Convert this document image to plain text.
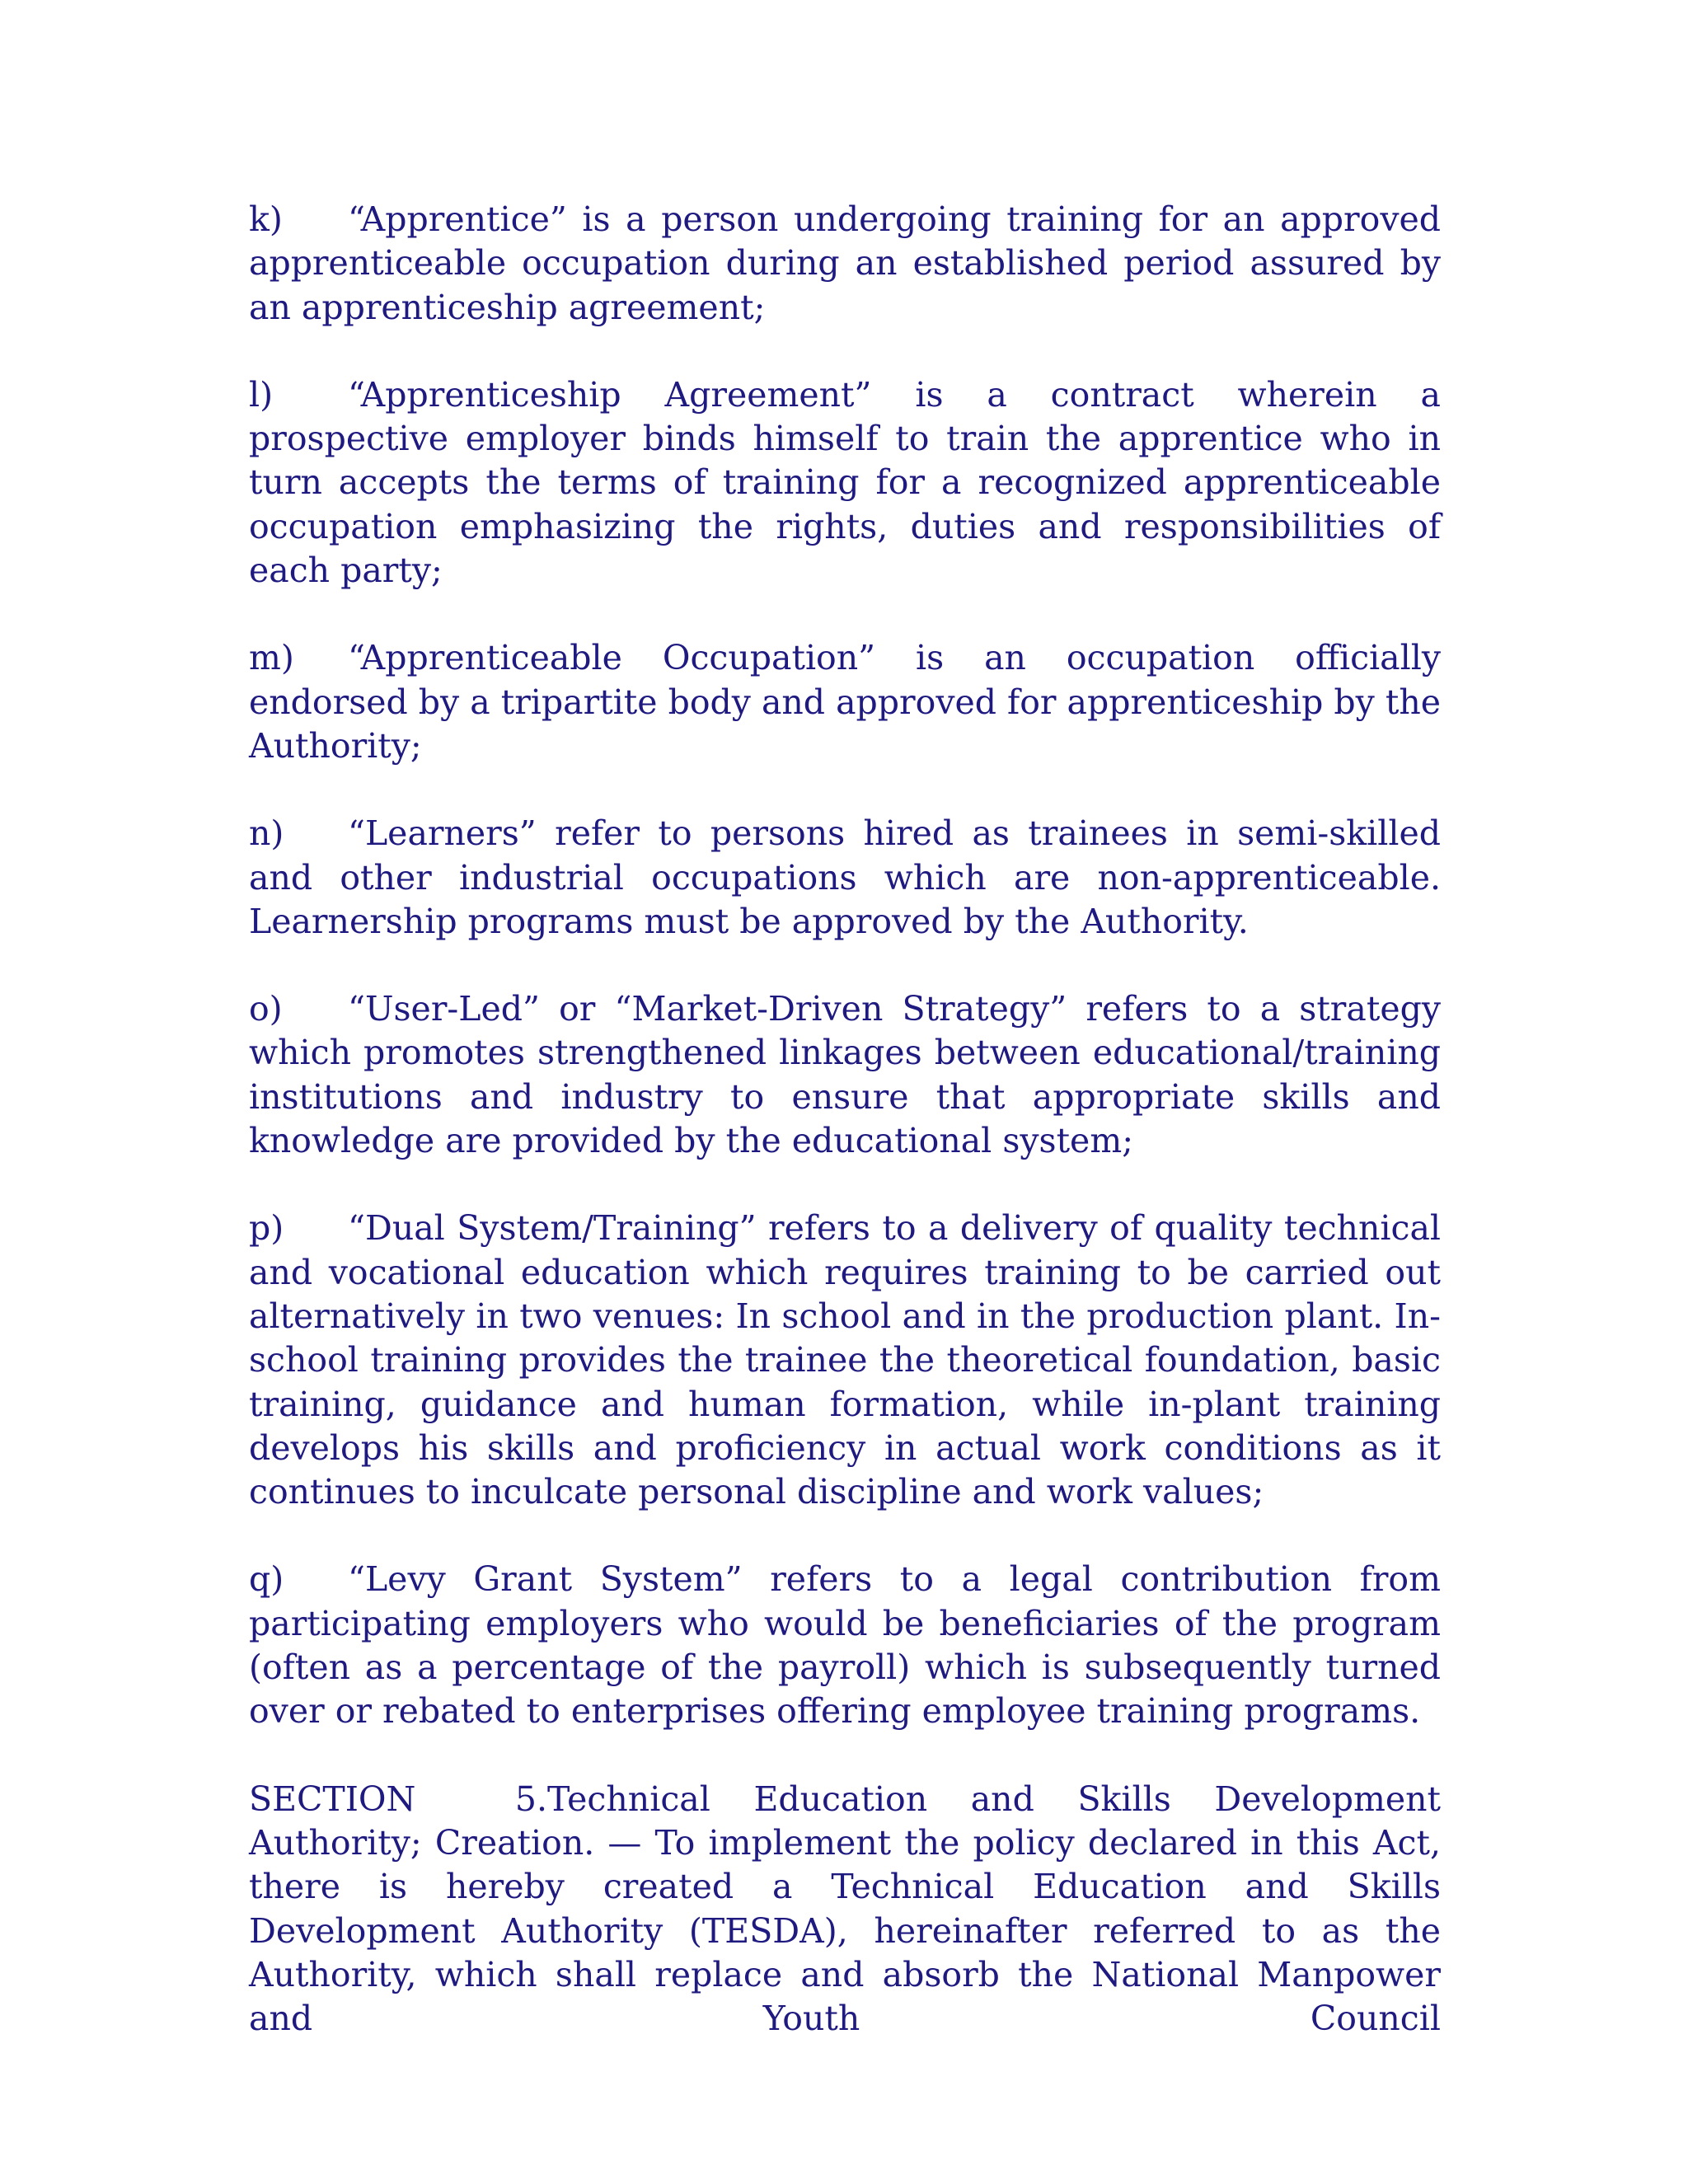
k) “Apprentice” is a person undergoing training for an approved apprenticeable occupation during an established period assured by an apprenticeship agreement;

l) “Apprenticeship Agreement” is a contract wherein a prospective employer binds himself to train the apprentice who in turn accepts the terms of training for a recognized apprenticeable occupation emphasizing the rights, duties and responsibilities of each party;

m) “Apprenticeable Occupation” is an occupation officially endorsed by a tripartite body and approved for apprenticeship by the Authority;

n) “Learners” refer to persons hired as trainees in semi-skilled and other industrial occupations which are non-apprenticeable. Learnership programs must be approved by the Authority.

o) “User-Led” or “Market-Driven Strategy” refers to a strategy which promotes strengthened linkages between educational/training institutions and industry to ensure that appropriate skills and knowledge are provided by the educational system;

p) “Dual System/Training” refers to a delivery of quality technical and vocational education which requires training to be carried out alternatively in two venues: In school and in the production plant. In-school training provides the trainee the theoretical foundation, basic training, guidance and human formation, while in-plant training develops his skills and proficiency in actual work conditions as it continues to inculcate personal discipline and work values;

q) “Levy Grant System” refers to a legal contribution from participating employers who would be beneficiaries of the program (often as a percentage of the payroll) which is subsequently turned over or rebated to enterprises offering employee training programs.

SECTION 5.Technical Education and Skills Development Authority; Creation. — To implement the policy declared in this Act, there is hereby created a Technical Education and Skills Development Authority (TESDA), hereinafter referred to as the Authority, which shall replace and absorb the National Manpower and Youth Council
